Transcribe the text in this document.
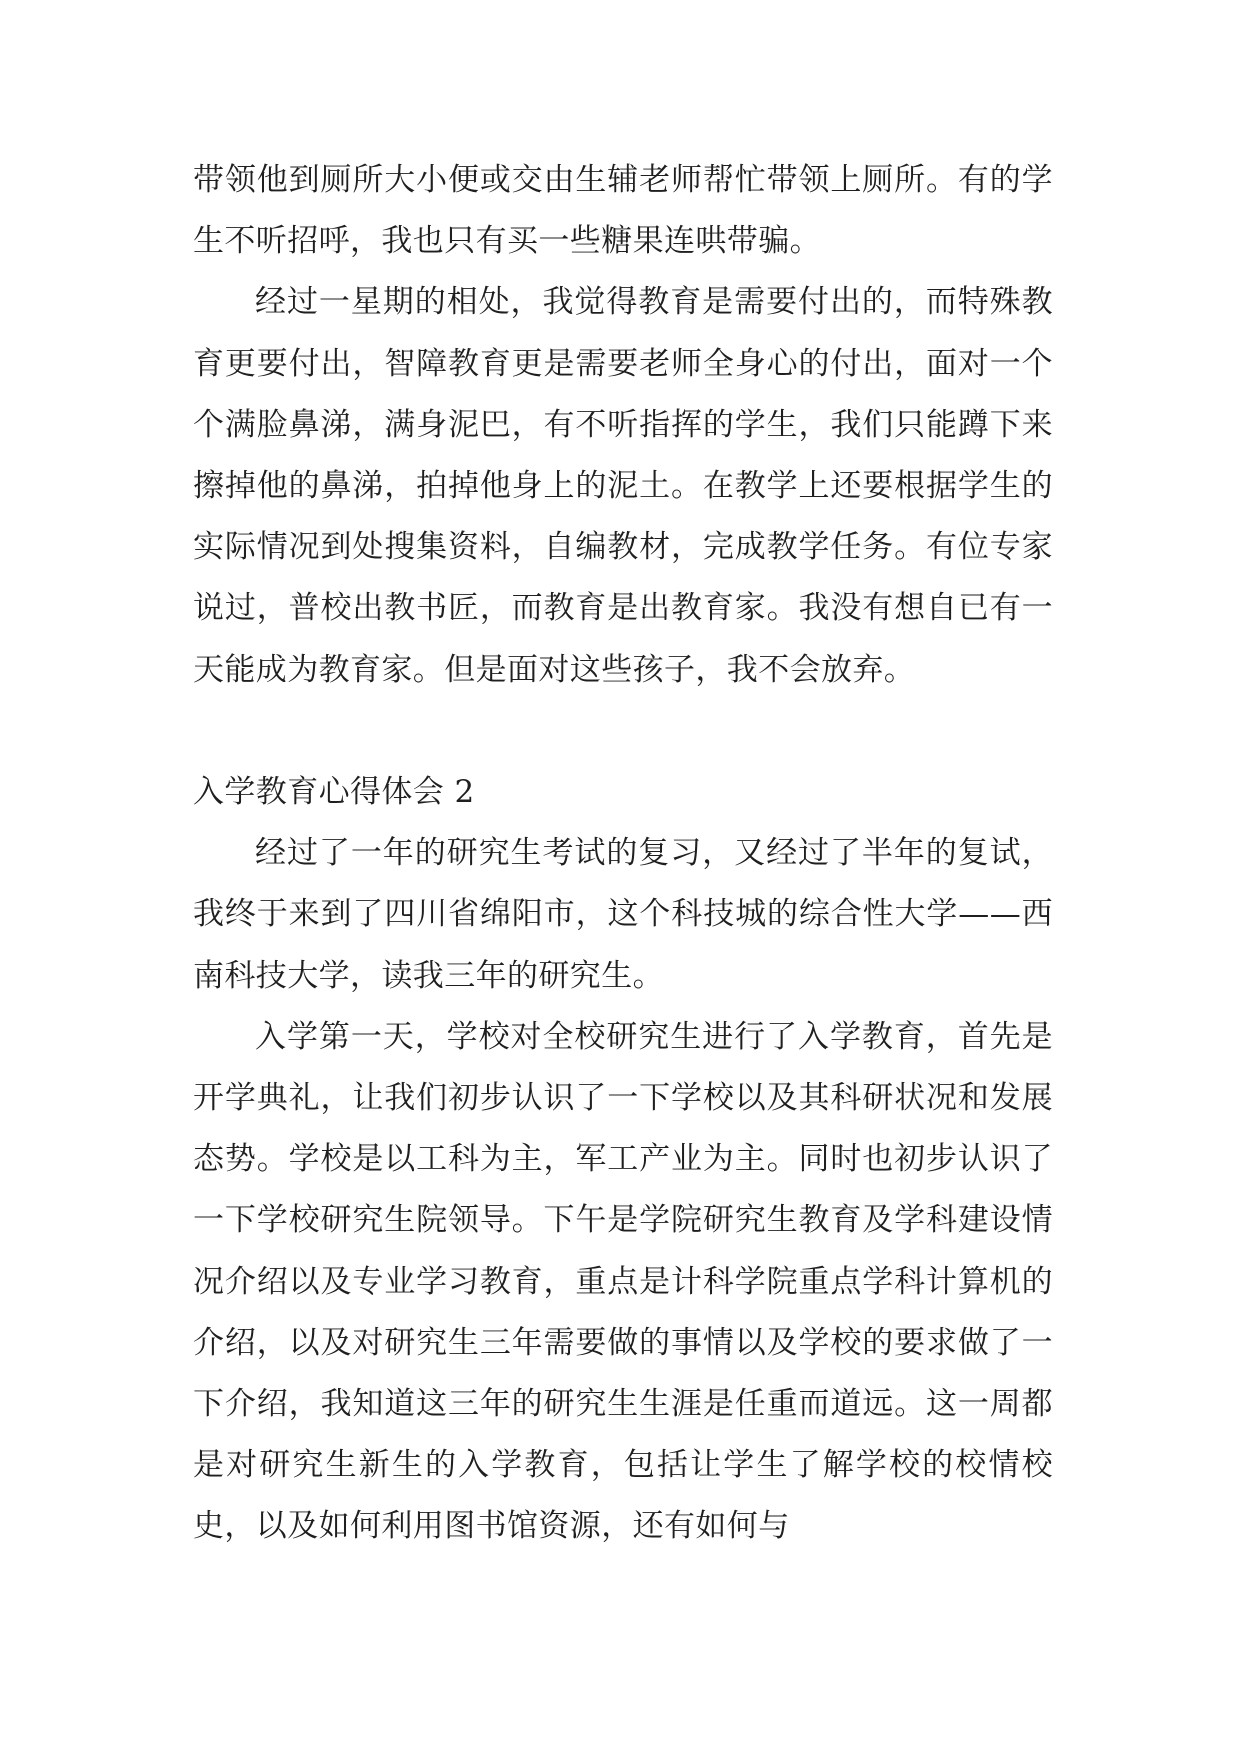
带领他到厕所大小便或交由生辅老师帮忙带领上厕所。有的学生不听招呼，我也只有买一些糖果连哄带骗。

经过一星期的相处，我觉得教育是需要付出的，而特殊教育更要付出，智障教育更是需要老师全身心的付出，面对一个个满脸鼻涕，满身泥巴，有不听指挥的学生，我们只能蹲下来擦掉他的鼻涕，拍掉他身上的泥土。在教学上还要根据学生的实际情况到处搜集资料，自编教材，完成教学任务。有位专家说过，普校出教书匠，而教育是出教育家。我没有想自已有一天能成为教育家。但是面对这些孩子，我不会放弃。

入学教育心得体会 2

经过了一年的研究生考试的复习，又经过了半年的复试，我终于来到了四川省绵阳市，这个科技城的综合性大学——西南科技大学，读我三年的研究生。

入学第一天，学校对全校研究生进行了入学教育，首先是开学典礼，让我们初步认识了一下学校以及其科研状况和发展态势。学校是以工科为主，军工产业为主。同时也初步认识了一下学校研究生院领导。下午是学院研究生教育及学科建设情况介绍以及专业学习教育，重点是计科学院重点学科计算机的介绍，以及对研究生三年需要做的事情以及学校的要求做了一下介绍，我知道这三年的研究生生涯是任重而道远。这一周都是对研究生新生的入学教育，包括让学生了解学校的校情校史，以及如何利用图书馆资源，还有如何与
